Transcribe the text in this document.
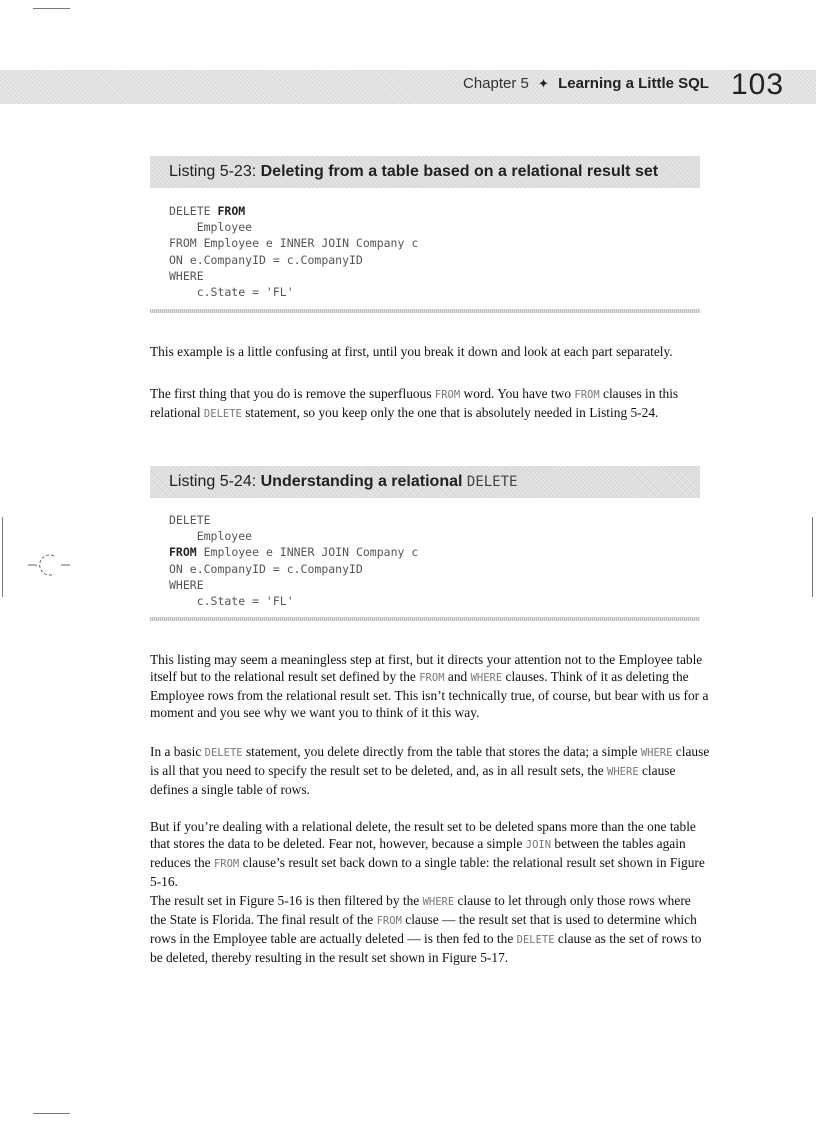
Chapter 5 ✦ Learning a Little SQL 103
Listing 5-23: Deleting from a table based on a relational result set
DELETE FROM
Employee
FROM Employee e INNER JOIN Company c
ON e.CompanyID = c.CompanyID
WHERE
c.State = 'FL'

This example is a little confusing at first, until you break it down and look at each part separately.

The first thing that you do is remove the superfluous FROM word. You have two FROM clauses in this relational DELETE statement, so you keep only the one that is absolutely needed in Listing 5-24.

Listing 5-24: Understanding a relational DELETE
DELETE
Employee
FROM Employee e INNER JOIN Company c
ON e.CompanyID = c.CompanyID
WHERE
c.State = 'FL'

This listing may seem a meaningless step at first, but it directs your attention not to the Employee table itself but to the relational result set defined by the FROM and WHERE clauses. Think of it as deleting the Employee rows from the relational result set. This isn’t technically true, of course, but bear with us for a moment and you see why we want you to think of it this way.

In a basic DELETE statement, you delete directly from the table that stores the data; a simple WHERE clause is all that you need to specify the result set to be deleted, and, as in all result sets, the WHERE clause defines a single table of rows.

But if you’re dealing with a relational delete, the result set to be deleted spans more than the one table that stores the data to be deleted. Fear not, however, because a simple JOIN between the tables again reduces the FROM clause’s result set back down to a single table: the relational result set shown in Figure 5-16.

The result set in Figure 5-16 is then filtered by the WHERE clause to let through only those rows where the State is Florida. The final result of the FROM clause — the result set that is used to determine which rows in the Employee table are actually deleted — is then fed to the DELETE clause as the set of rows to be deleted, thereby resulting in the result set shown in Figure 5-17.
